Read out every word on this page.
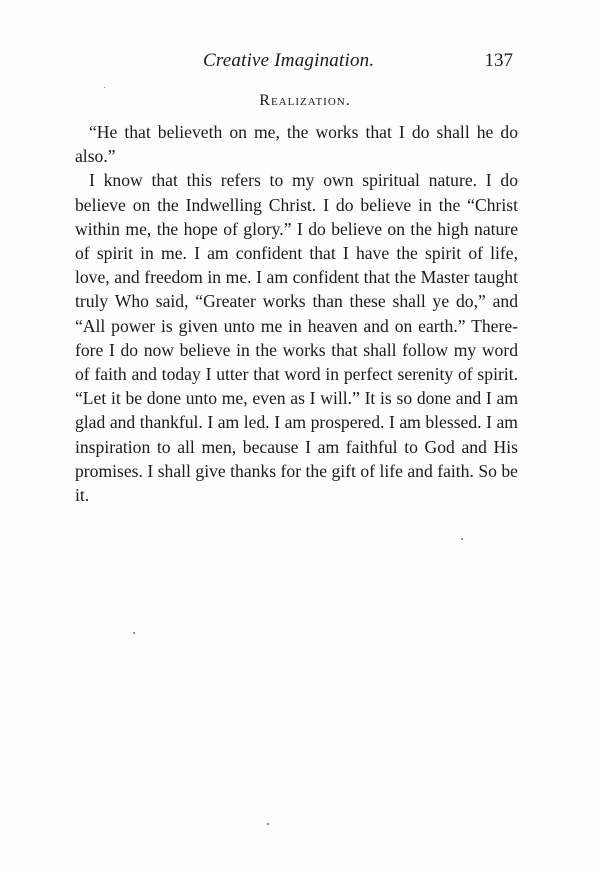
Creative Imagination.	137
Realization.

“He that believeth on me, the works that I do shall he do also.”

I know that this refers to my own spiritual nature. I do believe on the Indwelling Christ. I do believe in the “Christ within me, the hope of glory.” I do believe on the high nature of spirit in me. I am confident that I have the spirit of life, love, and freedom in me. I am confident that the Master taught truly Who said, “Greater works than these shall ye do,” and “All power is given unto me in heaven and on earth.” Therefore I do now believe in the works that shall follow my word of faith and today I utter that word in perfect serenity of spirit. “Let it be done unto me, even as I will.” It is so done and I am glad and thankful. I am led. I am prospered. I am blessed. I am inspiration to all men, because I am faithful to God and His promises. I shall give thanks for the gift of life and faith. So be it.
